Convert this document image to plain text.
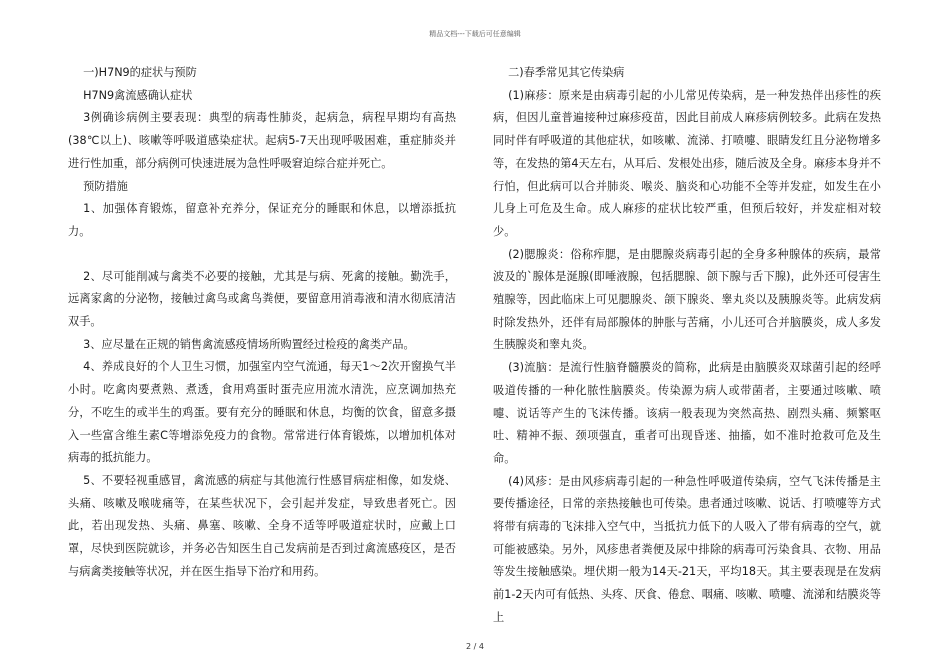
精品文档---下载后可任意编辑

一)H7N9的症状与预防

H7N9禽流感确认症状

3例确诊病例主要表现：典型的病毒性肺炎，起病急，病程早期均有高热(38℃以上)、咳嗽等呼吸道感染症状。起病5-7天出现呼吸困难，重症肺炎并进行性加重，部分病例可快速进展为急性呼吸窘迫综合症并死亡。

预防措施

1、加强体育锻炼，留意补充养分，保证充分的睡眠和休息，以增添抵抗力。

2、尽可能削减与禽类不必要的接触，尤其是与病、死禽的接触。勤洗手，远离家禽的分泌物，接触过禽鸟或禽鸟粪便，要留意用消毒液和清水彻底清洁双手。

3、应尽量在正规的销售禽流感疫情场所购置经过检疫的禽类产品。

4、养成良好的个人卫生习惯，加强室内空气流通，每天1～2次开窗换气半小时。吃禽肉要煮熟、煮透，食用鸡蛋时蛋壳应用流水清洗，应烹调加热充分，不吃生的或半生的鸡蛋。要有充分的睡眠和休息，均衡的饮食，留意多摄入一些富含维生素C等增添免疫力的食物。常常进行体育锻炼，以增加机体对病毒的抵抗能力。

5、不要轻视重感冒，禽流感的病症与其他流行性感冒病症相像，如发烧、头痛、咳嗽及喉咙痛等，在某些状况下，会引起并发症，导致患者死亡。因此，若出现发热、头痛、鼻塞、咳嗽、全身不适等呼吸道症状时，应戴上口罩，尽快到医院就诊，并务必告知医生自己发病前是否到过禽流感疫区，是否与病禽类接触等状况，并在医生指导下治疗和用药。

二)春季常见其它传染病

(1)麻疹：原来是由病毒引起的小儿常见传染病，是一种发热伴出疹性的疾病，但因儿童普遍接种过麻疹疫苗，因此目前成人麻疹病例较多。此病在发热同时伴有呼吸道的其他症状，如咳嗽、流涕、打喷嚏、眼睛发红且分泌物增多等，在发热的第4天左右，从耳后、发根处出疹，随后波及全身。麻疹本身并不行怕，但此病可以合并肺炎、喉炎、脑炎和心功能不全等并发症，如发生在小儿身上可危及生命。成人麻疹的症状比较严重，但预后较好，并发症相对较少。

(2)腮腺炎：俗称痄腮，是由腮腺炎病毒引起的全身多种腺体的疾病，最常波及的`腺体是涎腺(即唾液腺，包括腮腺、颌下腺与舌下腺)，此外还可侵害生殖腺等，因此临床上可见腮腺炎、颌下腺炎、睾丸炎以及胰腺炎等。此病发病时除发热外，还伴有局部腺体的肿胀与苦痛，小儿还可合并脑膜炎，成人多发生胰腺炎和睾丸炎。

(3)流脑：是流行性脑脊髓膜炎的简称，此病是由脑膜炎双球菌引起的经呼吸道传播的一种化脓性脑膜炎。传染源为病人或带菌者，主要通过咳嗽、喷嚏、说话等产生的飞沫传播。该病一般表现为突然高热、剧烈头痛、频繁呕吐、精神不振、颈项强直，重者可出现昏迷、抽搐，如不准时抢救可危及生命。

(4)风疹：是由风疹病毒引起的一种急性呼吸道传染病，空气飞沫传播是主要传播途径，日常的亲热接触也可传染。患者通过咳嗽、说话、打喷嚏等方式将带有病毒的飞沫排入空气中，当抵抗力低下的人吸入了带有病毒的空气，就可能被感染。另外，风疹患者粪便及尿中排除的病毒可污染食具、衣物、用品等发生接触感染。埋伏期一般为14天-21天，平均18天。其主要表现是在发病前1-2天内可有低热、头疼、厌食、倦怠、咽痛、咳嗽、喷嚏、流涕和结膜炎等上

2 / 4
